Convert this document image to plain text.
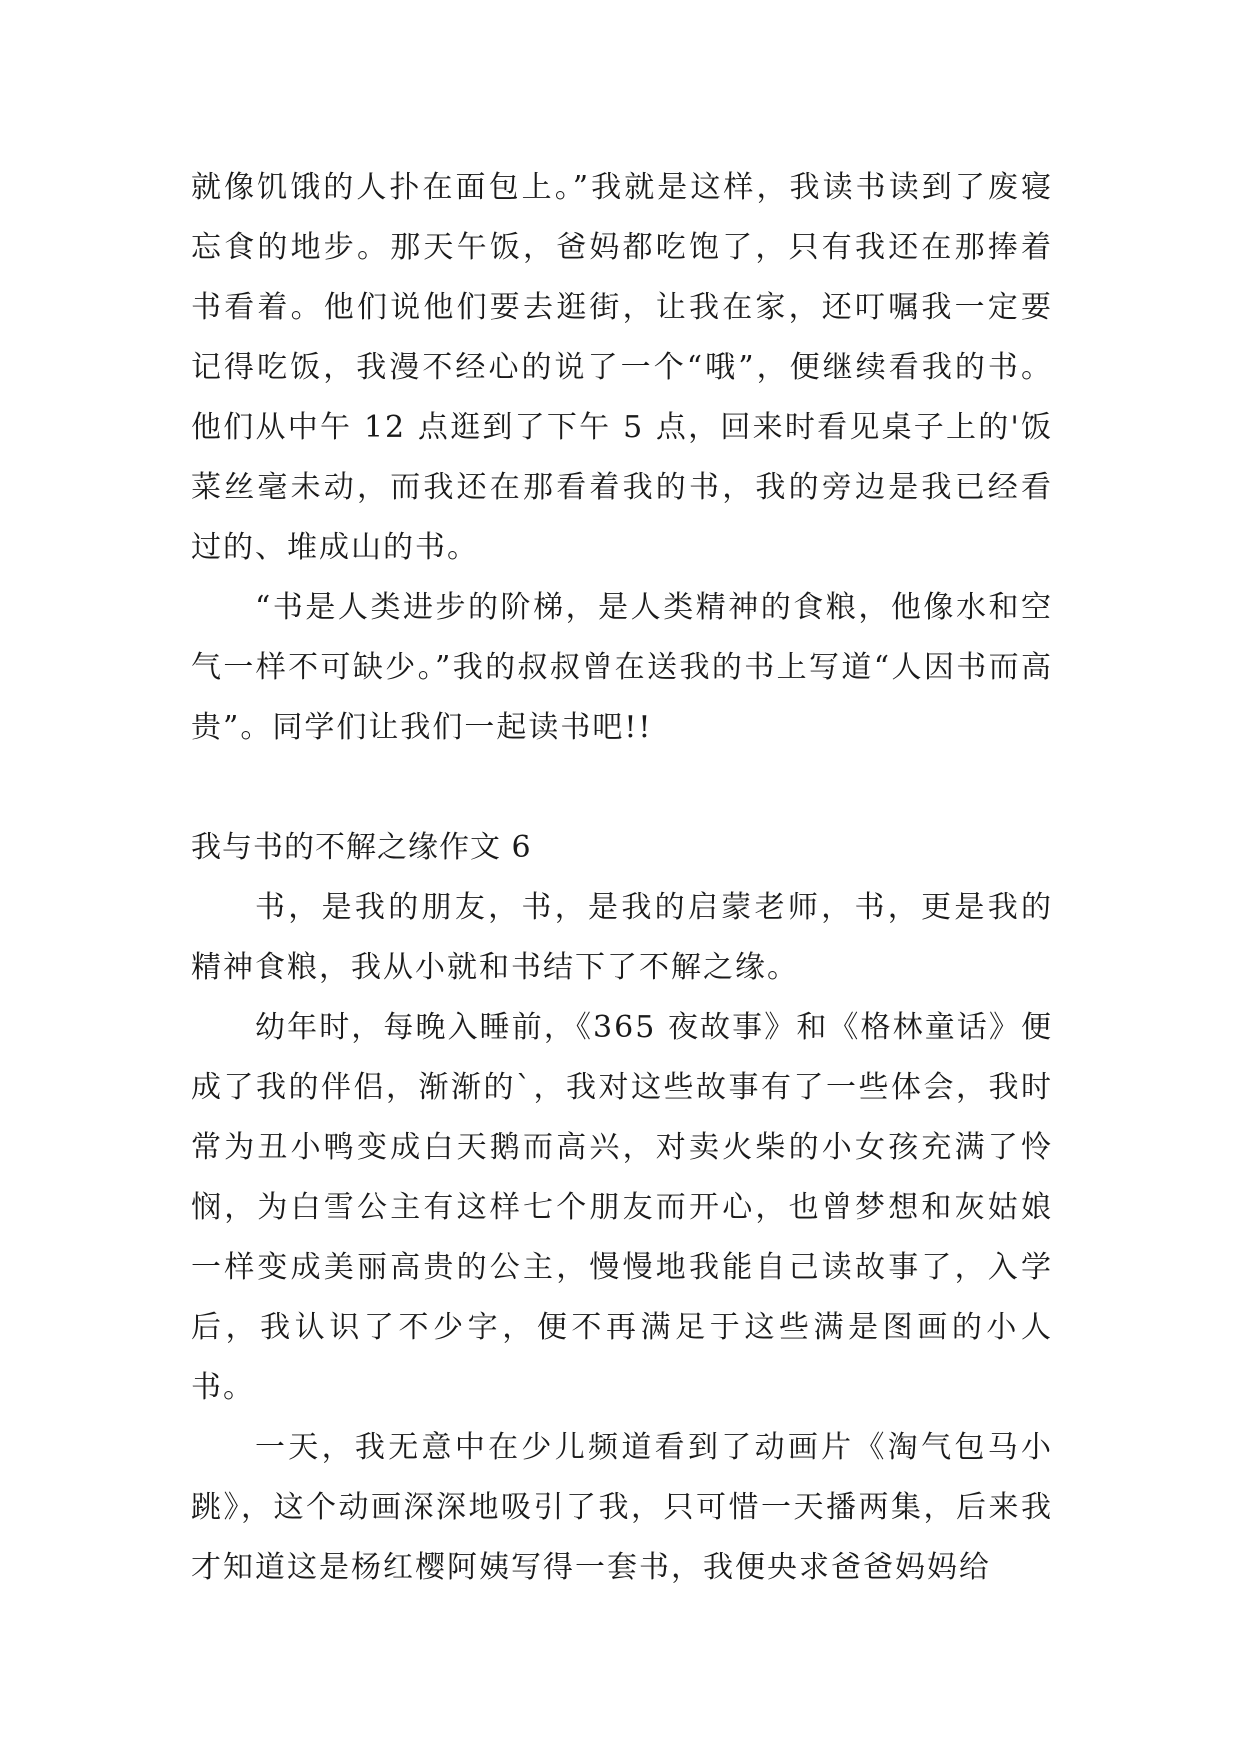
就像饥饿的人扑在面包上。”我就是这样，我读书读到了废寝忘食的地步。那天午饭，爸妈都吃饱了，只有我还在那捧着书看着。他们说他们要去逛街，让我在家，还叮嘱我一定要记得吃饭，我漫不经心的说了一个“哦”，便继续看我的书。他们从中午 12 点逛到了下午 5 点，回来时看见桌子上的'饭菜丝毫未动，而我还在那看着我的书，我的旁边是我已经看过的、堆成山的书。

“书是人类进步的阶梯，是人类精神的食粮，他像水和空气一样不可缺少。”我的叔叔曾在送我的书上写道“人因书而高贵”。同学们让我们一起读书吧!!

我与书的不解之缘作文 6

书，是我的朋友，书，是我的启蒙老师，书，更是我的精神食粮，我从小就和书结下了不解之缘。

幼年时，每晚入睡前，《365 夜故事》和《格林童话》便成了我的伴侣，渐渐的`，我对这些故事有了一些体会，我时常为丑小鸭变成白天鹅而高兴，对卖火柴的小女孩充满了怜悯，为白雪公主有这样七个朋友而开心，也曾梦想和灰姑娘一样变成美丽高贵的公主，慢慢地我能自己读故事了，入学后，我认识了不少字，便不再满足于这些满是图画的小人书。

一天，我无意中在少儿频道看到了动画片《淘气包马小跳》，这个动画深深地吸引了我，只可惜一天播两集，后来我才知道这是杨红樱阿姨写得一套书，我便央求爸爸妈妈给
